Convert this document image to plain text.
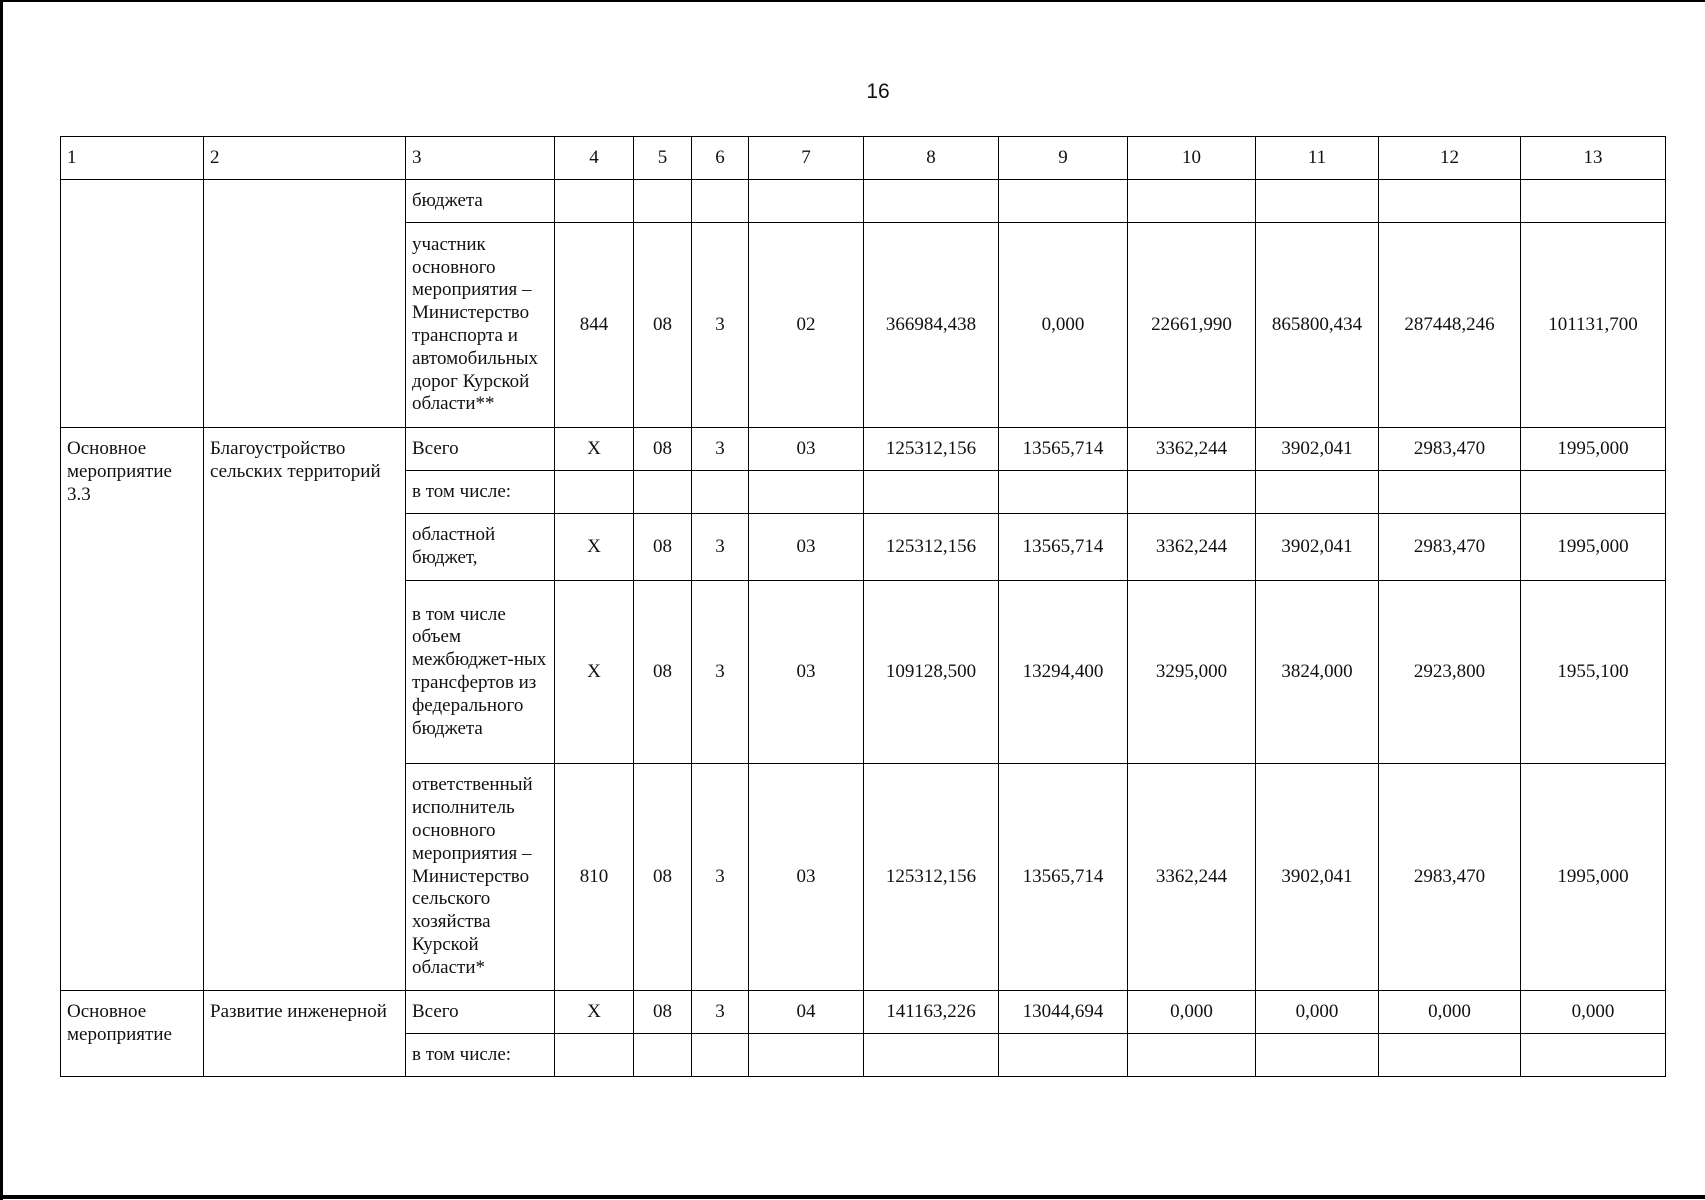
16
1	2	3	4	5	6	7	8	9	10	11	12	13
		бюджета										
		участник основного мероприятия – Министерство транспорта и автомобильных дорог Курской области**	844	08	3	02	366984,438	0,000	22661,990	865800,434	287448,246	101131,700
Основное мероприятие 3.3	Благоустройство сельских территорий	Всего	Х	08	3	03	125312,156	13565,714	3362,244	3902,041	2983,470	1995,000
		в том числе:										
		областной бюджет,	Х	08	3	03	125312,156	13565,714	3362,244	3902,041	2983,470	1995,000
		в том числе объем межбюджет-ных трансфертов из федерального бюджета	Х	08	3	03	109128,500	13294,400	3295,000	3824,000	2923,800	1955,100
		ответственный исполнитель основного мероприятия – Министерство сельского хозяйства Курской области*	810	08	3	03	125312,156	13565,714	3362,244	3902,041	2983,470	1995,000
Основное мероприятие	Развитие инженерной	Всего	Х	08	3	04	141163,226	13044,694	0,000	0,000	0,000	0,000
		в том числе:										
